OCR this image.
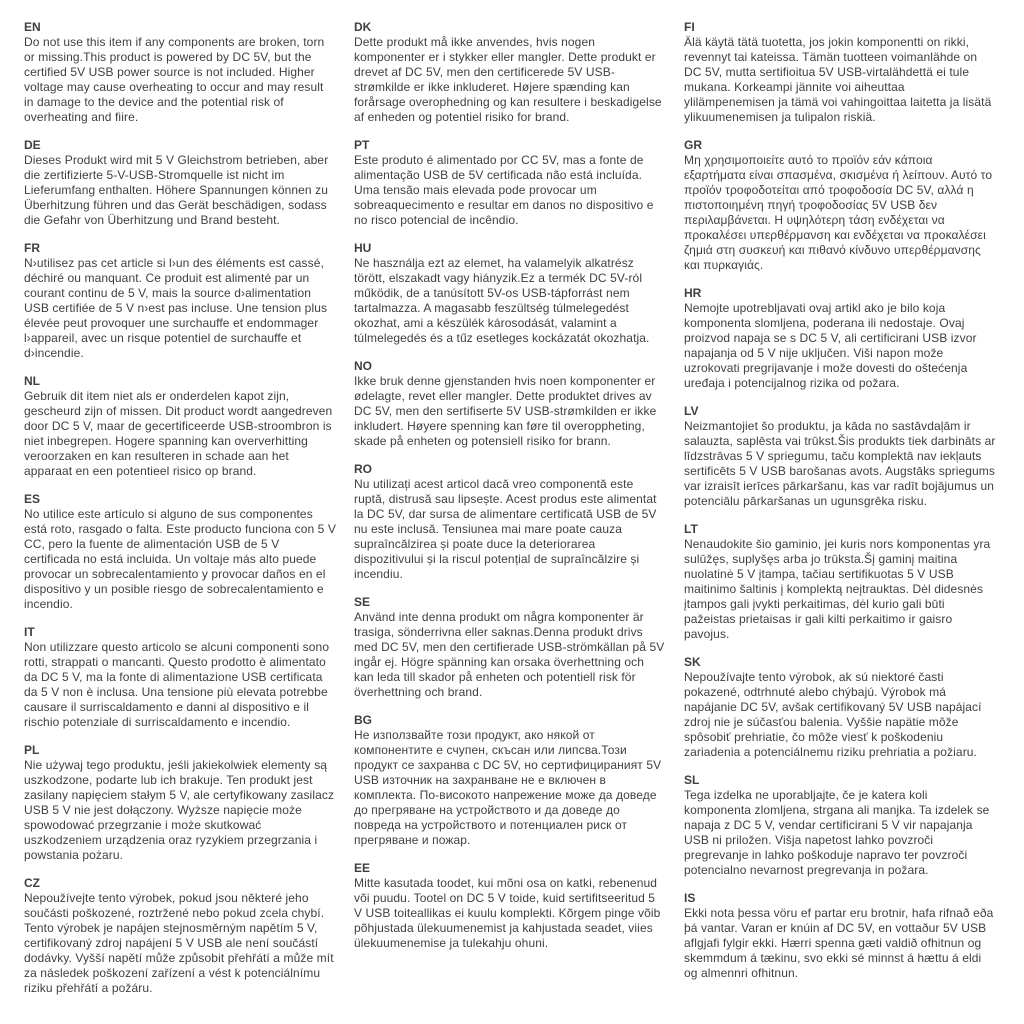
EN
Do not use this item if any components are broken, torn or missing.This product is powered by DC 5V, but the certified 5V USB power source is not included. Higher voltage may cause overheating to occur and may result in damage to the device and the potential risk of overheating and fiire.
DE
Dieses Produkt wird mit 5 V Gleichstrom betrieben, aber die zertifizierte 5-V-USB-Stromquelle ist nicht im Lieferumfang enthalten. Höhere Spannungen können zu Überhitzung führen und das Gerät beschädigen, sodass die Gefahr von Überhitzung und Brand besteht.
FR
N›utilisez pas cet article si l›un des éléments est cassé, déchiré ou manquant. Ce produit est alimenté par un courant continu de 5 V, mais la source d›alimentation USB certifiée de 5 V n›est pas incluse. Une tension plus élevée peut provoquer une surchauffe et endommager l›appareil, avec un risque potentiel de surchauffe et d›incendie.
NL
Gebruik dit item niet als er onderdelen kapot zijn, gescheurd zijn of missen. Dit product wordt aangedreven door DC 5 V, maar de gecertificeerde USB-stroombron is niet inbegrepen. Hogere spanning kan oververhitting veroorzaken en kan resulteren in schade aan het apparaat en een potentieel risico op brand.
ES
No utilice este artículo si alguno de sus componentes está roto, rasgado o falta. Este producto funciona con 5 V CC, pero la fuente de alimentación USB de 5 V certificada no está incluida. Un voltaje más alto puede provocar un sobrecalentamiento y provocar daños en el dispositivo y un posible riesgo de sobrecalentamiento e incendio.
IT
Non utilizzare questo articolo se alcuni componenti sono rotti, strappati o mancanti. Questo prodotto è alimentato da DC 5 V, ma la fonte di alimentazione USB certificata da 5 V non è inclusa. Una tensione più elevata potrebbe causare il surriscaldamento e danni al dispositivo e il rischio potenziale di surriscaldamento e incendio.
PL
Nie używaj tego produktu, jeśli jakiekolwiek elementy są uszkodzone, podarte lub ich brakuje. Ten produkt jest zasilany napięciem stałym 5 V, ale certyfikowany zasilacz USB 5 V nie jest dołączony. Wyższe napięcie może spowodować przegrzanie i może skutkować uszkodzeniem urządzenia oraz ryzykiem przegrzania i powstania pożaru.
CZ
Nepoužívejte tento výrobek, pokud jsou některé jeho součásti poškozené, roztržené nebo pokud zcela chybí. Tento výrobek je napájen stejnosměrným napětím 5 V, certifikovaný zdroj napájení 5 V USB ale není součástí dodávky. Vyšší napětí může způsobit přehřátí a může mít za následek poškození zařízení a vést k potenciálnímu riziku přehřátí a požáru.
DK
Dette produkt må ikke anvendes, hvis nogen komponenter er i stykker eller mangler. Dette produkt er drevet af DC 5V, men den certificerede 5V USB-strømkilde er ikke inkluderet. Højere spænding kan forårsage overophedning og kan resultere i beskadigelse af enheden og potentiel risiko for brand.
PT
Este produto é alimentado por CC 5V, mas a fonte de alimentação USB de 5V certificada não está incluída. Uma tensão mais elevada pode provocar um sobreaquecimento e resultar em danos no dispositivo e no risco potencial de incêndio.
HU
Ne használja ezt az elemet, ha valamelyik alkatrész törött, elszakadt vagy hiányzik.Ez a termék DC 5V-ról működik, de a tanúsított 5V-os USB-tápforrást nem tartalmazza. A magasabb feszültség túlmelegedést okozhat, ami a készülék károsodását, valamint a túlmelegedés és a tűz esetleges kockázatát okozhatja.
NO
Ikke bruk denne gjenstanden hvis noen komponenter er ødelagte, revet eller mangler. Dette produktet drives av DC 5V, men den sertifiserte 5V USB-strømkilden er ikke inkludert. Høyere spenning kan føre til overoppheting, skade på enheten og potensiell risiko for brann.
RO
Nu utilizați acest articol dacă vreo componentă este ruptă, distrusă sau lipsește. Acest produs este alimentat la DC 5V, dar sursa de alimentare certificată USB de 5V nu este inclusă. Tensiunea mai mare poate cauza supraîncălzirea și poate duce la deteriorarea dispozitivului și la riscul potențial de supraîncălzire și incendiu.
SE
Använd inte denna produkt om några komponenter är trasiga, sönderrivna eller saknas.Denna produkt drivs med DC 5V, men den certifierade USB-strömkällan på 5V ingår ej. Högre spänning kan orsaka överhettning och kan leda till skador på enheten och potentiell risk för överhettning och brand.
BG
Не използвайте този продукт, ако някой от компонентите е счупен, скъсан или липсва.Този продукт се захранва с DC 5V, но сертифицираният 5V USB източник на захранване не е включен в комплекта. По-високото напрежение може да доведе до прегряване на устройството и да доведе до повреда на устройството и потенциален риск от прегряване и пожар.
EE
Mitte kasutada toodet, kui mõni osa on katki, rebenenud või puudu. Tootel on DC 5 V toide, kuid sertifitseeritud 5 V USB toiteallikas ei kuulu komplekti. Kõrgem pinge võib põhjustada ülekuumenemist ja kahjustada seadet, viies ülekuumenemise ja tulekahju ohuni.
FI
Älä käytä tätä tuotetta, jos jokin komponentti on rikki, revennyt tai kateissa. Tämän tuotteen voimanlähde on DC 5V, mutta sertifioitua 5V USB-virtalähdettä ei tule mukana. Korkeampi jännite voi aiheuttaa ylilämpenemisen ja tämä voi vahingoittaa laitetta ja lisätä ylikuumenemisen ja tulipalon riskiä.
GR
Μη χρησιμοποιείτε αυτό το προϊόν εάν κάποια εξαρτήματα είναι σπασμένα, σκισμένα ή λείπουν. Αυτό το προϊόν τροφοδοτείται από τροφοδοσία DC 5V, αλλά η πιστοποιημένη πηγή τροφοδοσίας 5V USB δεν περιλαμβάνεται. Η υψηλότερη τάση ενδέχεται να προκαλέσει υπερθέρμανση και ενδέχεται να προκαλέσει ζημιά στη συσκευή και πιθανό κίνδυνο υπερθέρμανσης και πυρκαγιάς.
HR
Nemojte upotrebljavati ovaj artikl ako je bilo koja komponenta slomljena, poderana ili nedostaje. Ovaj proizvod napaja se s DC 5 V, ali certificirani USB izvor napajanja od 5 V nije uključen. Viši napon može uzrokovati pregrijavanje i može dovesti do oštećenja uređaja i potencijalnog rizika od požara.
LV
Neizmantojiet šo produktu, ja kāda no sastāvdaļām ir salauzta, saplēsta vai trūkst.Šis produkts tiek darbināts ar līdzstrāvas 5 V spriegumu, taču komplektā nav iekļauts sertificēts 5 V USB barošanas avots. Augstāks spriegums var izraisīt ierīces pārkaršanu, kas var radīt bojājumus un potenciālu pārkaršanas un ugunsgrēka risku.
LT
Nenaudokite šio gaminio, jei kuris nors komponentas yra sulūžęs, suplyšęs arba jo trūksta.Šį gaminį maitina nuolatinė 5 V įtampa, tačiau sertifikuotas 5 V USB maitinimo šaltinis į komplektą neįtrauktas. Dėl didesnės įtampos gali įvykti perkaitimas, dėl kurio gali būti pažeistas prietaisas ir gali kilti perkaitimo ir gaisro pavojus.
SK
Nepoužívajte tento výrobok, ak sú niektoré časti pokazené, odtrhnuté alebo chýbajú. Výrobok má napájanie DC 5V, avšak certifikovaný 5V USB napájací zdroj nie je súčasťou balenia. Vyššie napätie môže spôsobiť prehriatie, čo môže viesť k poškodeniu zariadenia a potenciálnemu riziku prehriatia a požiaru.
SL
Tega izdelka ne uporabljajte, če je katera koli komponenta zlomljena, strgana ali manjka. Ta izdelek se napaja z DC 5 V, vendar certificirani 5 V vir napajanja USB ni priložen. Višja napetost lahko povzroči pregrevanje in lahko poškoduje napravo ter povzroči potencialno nevarnost pregrevanja in požara.
IS
Ekki nota þessa vöru ef partar eru brotnir, hafa rifnað eða þá vantar. Varan er knúin af DC 5V, en vottaður 5V USB aflgjafi fylgir ekki. Hærri spenna gæti valdið ofhitnun og skemmdum á tækinu, svo ekki sé minnst á hættu á eldi og almennri ofhitnun.
